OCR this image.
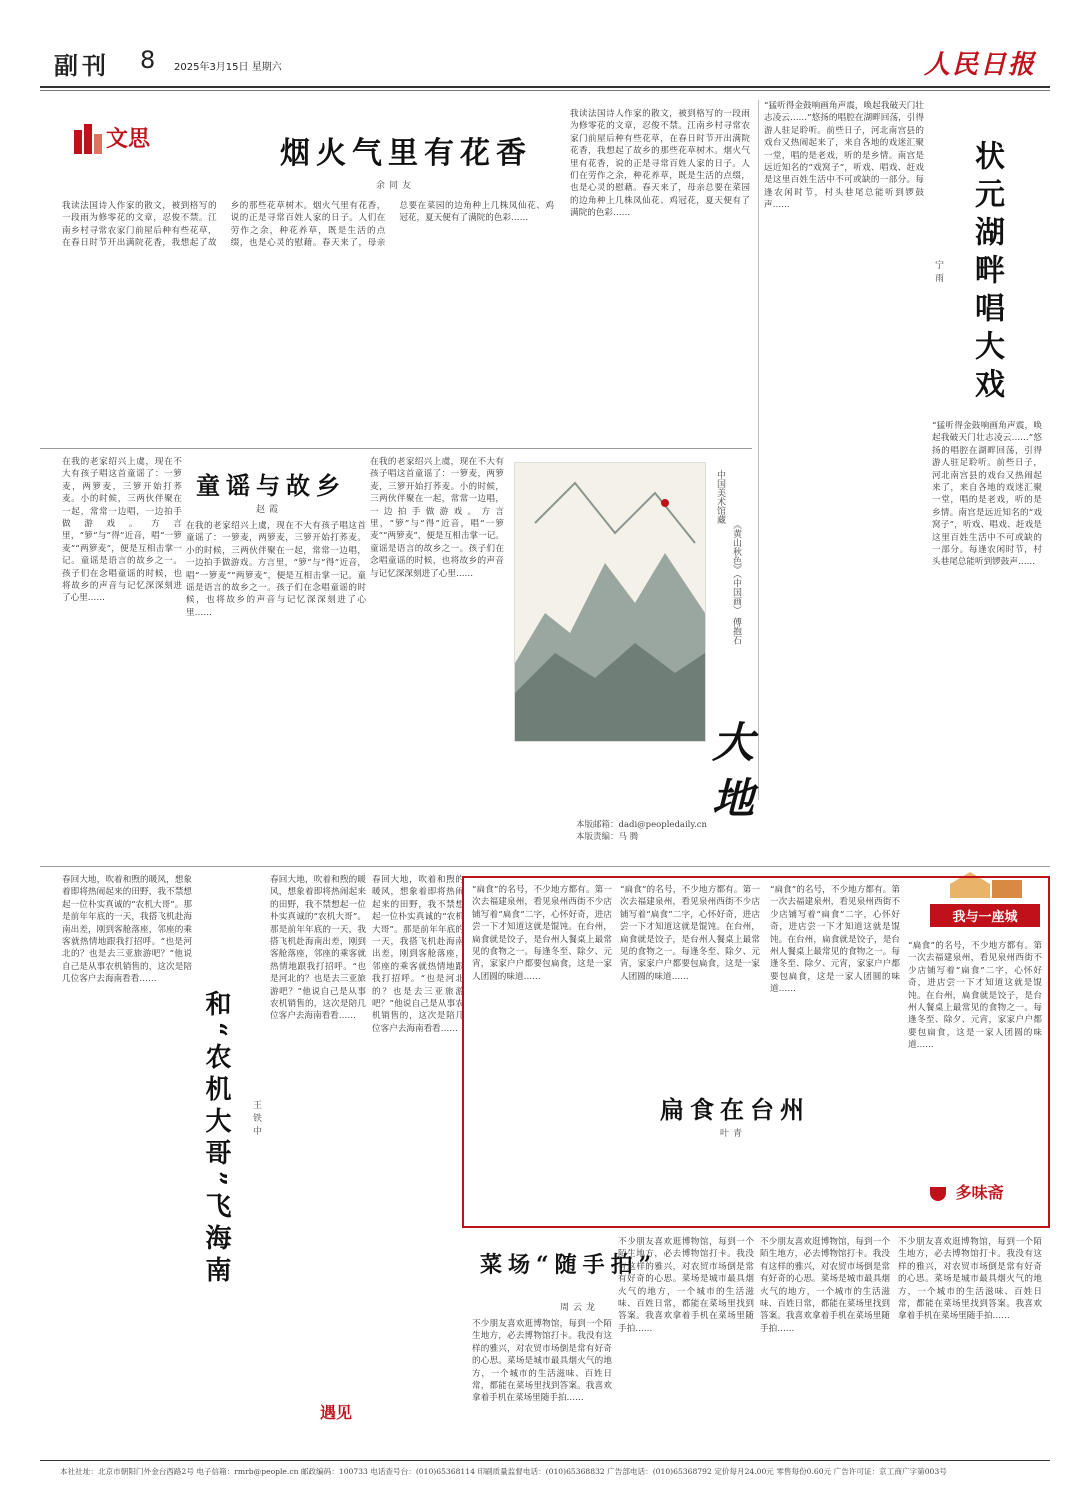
副刊 8 2025年3月15日 星期六	人民日报
文思	烟火气里有花香
余同友
我读法国诗人作家的散文，被到格写的一段雨为修零花的文章，忍俊不禁。江南乡村寻常农家门前屋后种有些花草，在春日时节开出满院花香，我想起了故乡的那些花草树木。烟火气里有花香，说的正是寻常百姓人家的日子。人们在劳作之余，种花养草，既是生活的点缀，也是心灵的慰藉。春天来了，母亲总要在菜园的边角种上几株凤仙花、鸡冠花，夏天便有了满院的色彩……
我读法国诗人作家的散文，被到格写的一段雨为修零花的文章，忍俊不禁。江南乡村寻常农家门前屋后种有些花草，在春日时节开出满院花香，我想起了故乡的那些花草树木。烟火气里有花香，说的正是寻常百姓人家的日子。人们在劳作之余，种花养草，既是生活的点缀，也是心灵的慰藉。春天来了，母亲总要在菜园的边角种上几株凤仙花、鸡冠花，夏天便有了满院的色彩……
“猛听得金鼓响画角声震，唤起我破天门壮志凌云……”悠扬的唱腔在湖畔回荡，引得游人驻足聆听。前些日子，河北南宫县的戏台又热闹起来了，来自各地的戏迷汇聚一堂，唱的是老戏，听的是乡情。南宫是远近知名的“戏窝子”，听戏、唱戏、赶戏是这里百姓生活中不可或缺的一部分。每逢农闲时节，村头巷尾总能听到锣鼓声……	状元湖畔唱大戏
宁雨
“猛听得金鼓响画角声震，唤起我破天门壮志凌云……”悠扬的唱腔在湖畔回荡，引得游人驻足聆听。前些日子，河北南宫县的戏台又热闹起来了，来自各地的戏迷汇聚一堂，唱的是老戏，听的是乡情。南宫是远近知名的“戏窝子”，听戏、唱戏、赶戏是这里百姓生活中不可或缺的一部分。每逢农闲时节，村头巷尾总能听到锣鼓声……
童谣与故乡
赵霞
在我的老家绍兴上虞，现在不大有孩子唱这首童谣了：一箩麦，两箩麦，三箩开始打荞麦。小的时候，三两伙伴聚在一起，常常一边唱，一边拍手做游戏。方言里，“箩”与“得”近音，唱“一箩麦”“两箩麦”，便是互相击掌一记。童谣是语言的故乡之一。孩子们在念唱童谣的时候，也将故乡的声音与记忆深深刻进了心里……
在我的老家绍兴上虞，现在不大有孩子唱这首童谣了：一箩麦，两箩麦，三箩开始打荞麦。小的时候，三两伙伴聚在一起，常常一边唱，一边拍手做游戏。方言里，“箩”与“得”近音，唱“一箩麦”“两箩麦”，便是互相击掌一记。童谣是语言的故乡之一。孩子们在念唱童谣的时候，也将故乡的声音与记忆深深刻进了心里……
在我的老家绍兴上虞，现在不大有孩子唱这首童谣了：一箩麦，两箩麦，三箩开始打荞麦。小的时候，三两伙伴聚在一起，常常一边唱，一边拍手做游戏。方言里，“箩”与“得”近音，唱“一箩麦”“两箩麦”，便是互相击掌一记。童谣是语言的故乡之一。孩子们在念唱童谣的时候，也将故乡的声音与记忆深深刻进了心里……
中国美术馆藏
《黄山秋色》（中国画） 傅抱石
大地
本版邮箱：dadi@peopledaily.cn
本版责编：马 腾
我与一座城
春回大地，吹着和煦的暖风，想象着即将热闹起来的田野，我不禁想起一位朴实真诚的“农机大哥”。那是前年年底的一天，我搭飞机赴海南出差，刚到客舱落座，邻座的乘客就热情地跟我打招呼。“也是河北的？也是去三亚旅游吧？”他说自己是从事农机销售的，这次是陪几位客户去海南看看……
和“农机大哥”飞海南	王铁中
春回大地，吹着和煦的暖风，想象着即将热闹起来的田野，我不禁想起一位朴实真诚的“农机大哥”。那是前年年底的一天，我搭飞机赴海南出差，刚到客舱落座，邻座的乘客就热情地跟我打招呼。“也是河北的？也是去三亚旅游吧？”他说自己是从事农机销售的，这次是陪几位客户去海南看看……
春回大地，吹着和煦的暖风，想象着即将热闹起来的田野，我不禁想起一位朴实真诚的“农机大哥”。那是前年年底的一天，我搭飞机赴海南出差，刚到客舱落座，邻座的乘客就热情地跟我打招呼。“也是河北的？也是去三亚旅游吧？”他说自己是从事农机销售的，这次是陪几位客户去海南看看……
“扁食”的名号，不少地方都有。第一次去福建泉州，看见泉州西街不少店铺写着“扁食”二字，心怀好奇，进店尝一下才知道这就是馄饨。在台州，扁食就是饺子，是台州人餐桌上最常见的食物之一。每逢冬至、除夕、元宵，家家户户都要包扁食，这是一家人团圆的味道……
“扁食”的名号，不少地方都有。第一次去福建泉州，看见泉州西街不少店铺写着“扁食”二字，心怀好奇，进店尝一下才知道这就是馄饨。在台州，扁食就是饺子，是台州人餐桌上最常见的食物之一。每逢冬至、除夕、元宵，家家户户都要包扁食，这是一家人团圆的味道……
扁食在台州
叶青
“扁食”的名号，不少地方都有。第一次去福建泉州，看见泉州西街不少店铺写着“扁食”二字，心怀好奇，进店尝一下才知道这就是馄饨。在台州，扁食就是饺子，是台州人餐桌上最常见的食物之一。每逢冬至、除夕、元宵，家家户户都要包扁食，这是一家人团圆的味道……
“扁食”的名号，不少地方都有。第一次去福建泉州，看见泉州西街不少店铺写着“扁食”二字，心怀好奇，进店尝一下才知道这就是馄饨。在台州，扁食就是饺子，是台州人餐桌上最常见的食物之一。每逢冬至、除夕、元宵，家家户户都要包扁食，这是一家人团圆的味道……
多味斋
菜场“随手拍”
周云龙
不少朋友喜欢逛博物馆，每到一个陌生地方，必去博物馆打卡。我没有这样的雅兴，对农贸市场倒是常有好奇的心思。菜场是城市最具烟火气的地方，一个城市的生活滋味、百姓日常，都能在菜场里找到答案。我喜欢拿着手机在菜场里随手拍……
不少朋友喜欢逛博物馆，每到一个陌生地方，必去博物馆打卡。我没有这样的雅兴，对农贸市场倒是常有好奇的心思。菜场是城市最具烟火气的地方，一个城市的生活滋味、百姓日常，都能在菜场里找到答案。我喜欢拿着手机在菜场里随手拍……
不少朋友喜欢逛博物馆，每到一个陌生地方，必去博物馆打卡。我没有这样的雅兴，对农贸市场倒是常有好奇的心思。菜场是城市最具烟火气的地方，一个城市的生活滋味、百姓日常，都能在菜场里找到答案。我喜欢拿着手机在菜场里随手拍……
不少朋友喜欢逛博物馆，每到一个陌生地方，必去博物馆打卡。我没有这样的雅兴，对农贸市场倒是常有好奇的心思。菜场是城市最具烟火气的地方，一个城市的生活滋味、百姓日常，都能在菜场里找到答案。我喜欢拿着手机在菜场里随手拍……
遇见
本社社址：北京市朝阳门外金台西路2号 电子信箱：rmrb@people.cn 邮政编码：100733 电话查号台：(010)65368114 印刷质量监督电话：(010)65368832 广告部电话：(010)65368792 定价每月24.00元 零售每份0.60元 广告许可证：京工商广字第003号
